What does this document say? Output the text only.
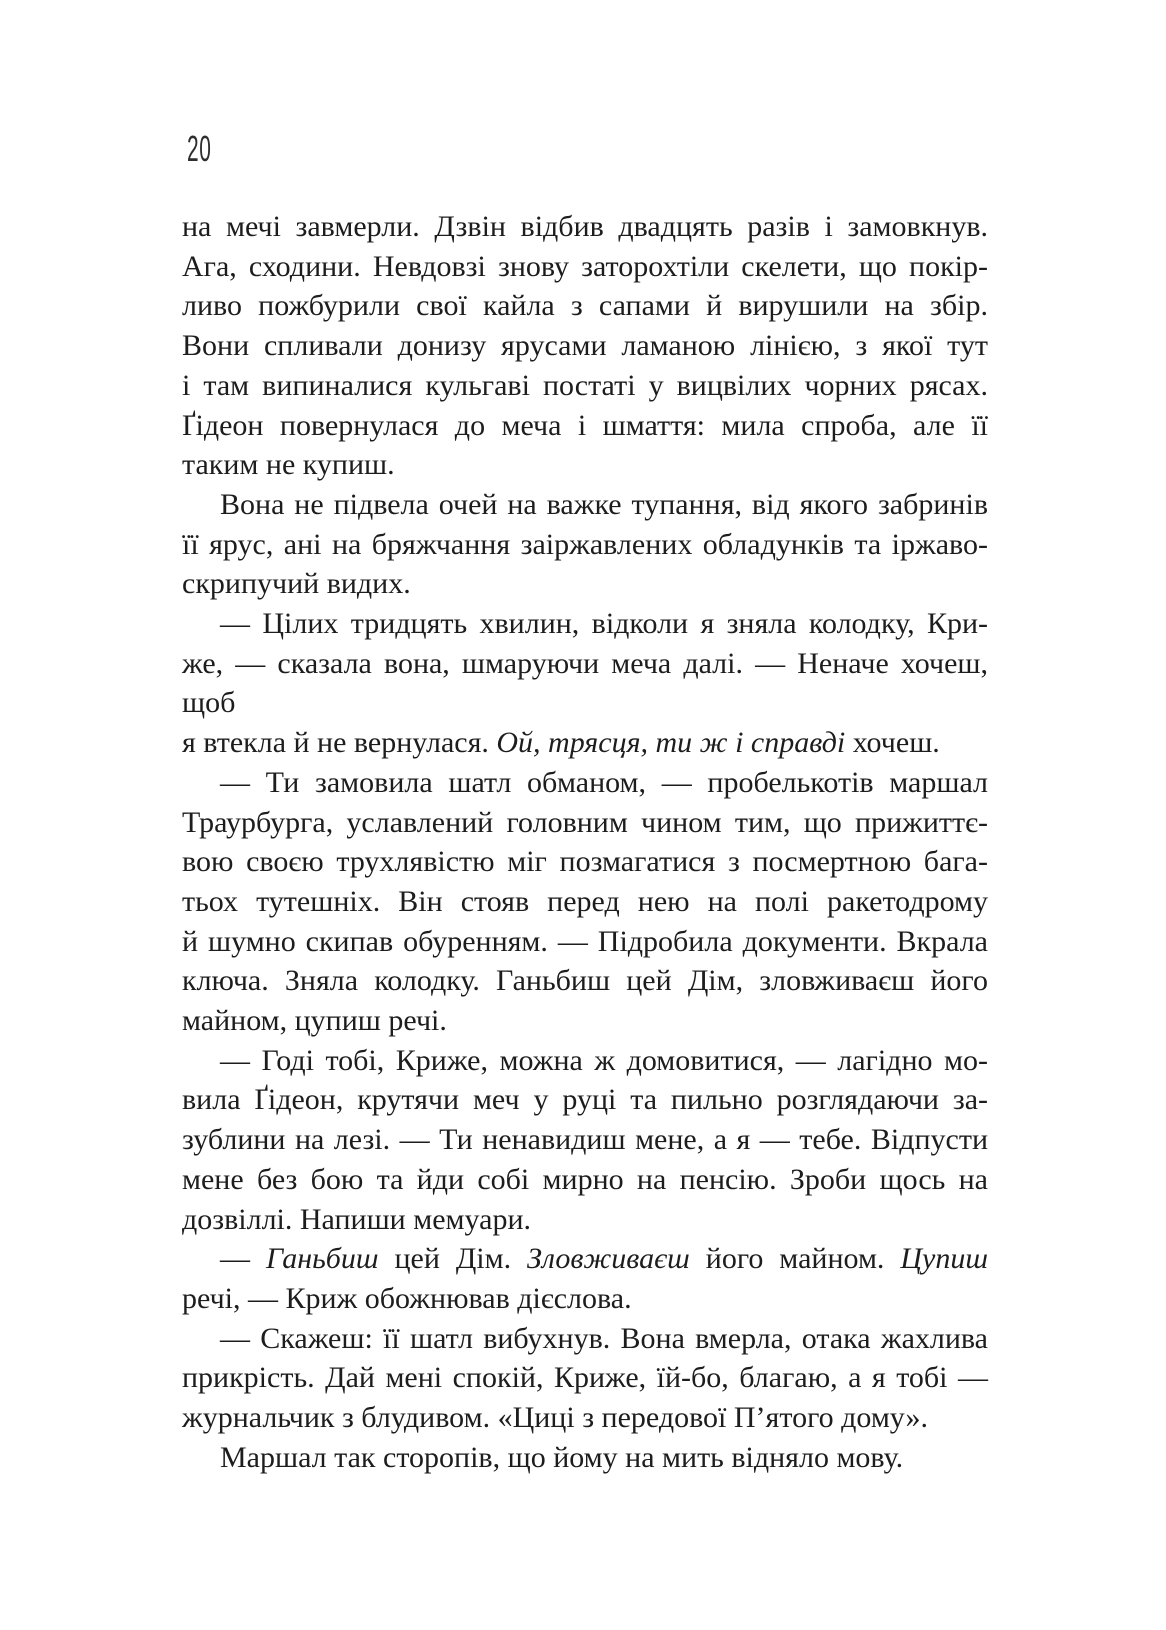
20
на мечі завмерли. Дзвін відбив двадцять разів і замовкнув.
Ага, сходини. Невдовзі знову заторохтіли скелети, що покір-
ливо пожбурили свої кайла з сапами й вирушили на збір.
Вони спливали донизу ярусами ламаною лінією, з якої тут
і там випиналися кульгаві постаті у вицвілих чорних рясах.
Ґідеон повернулася до меча і шмаття: мила спроба, але її
таким не купиш.
Вона не підвела очей на важке тупання, від якого забринів
її ярус, ані на бряжчання заіржавлених обладунків та іржаво-
скрипучий видих.
— Цілих тридцять хвилин, відколи я зняла колодку, Кри-
же, — сказала вона, шмаруючи меча далі. — Неначе хочеш, щоб
я втекла й не вернулася. Ой, трясця, ти ж і справді хочеш.
— Ти замовила шатл обманом, — пробелькотів маршал
Траурбурга, уславлений головним чином тим, що прижиттє-
вою своєю трухлявістю міг позмагатися з посмертною бага-
тьох тутешніх. Він стояв перед нею на полі ракетодрому
й шумно скипав обуренням. — Підробила документи. Вкрала
ключа. Зняла колодку. Ганьбиш цей Дім, зловживаєш його
майном, цупиш речі.
— Годі тобі, Криже, можна ж домовитися, — лагідно мо-
вила Ґідеон, крутячи меч у руці та пильно розглядаючи за-
зублини на лезі. — Ти ненавидиш мене, а я — тебе. Відпусти
мене без бою та йди собі мирно на пенсію. Зроби щось на
дозвіллі. Напиши мемуари.
— Ганьбиш цей Дім. Зловживаєш його майном. Цупиш
речі, — Криж обожнював дієслова.
— Скажеш: її шатл вибухнув. Вона вмерла, отака жахлива
прикрість. Дай мені спокій, Криже, їй-бо, благаю, а я тобі —
журнальчик з блудивом. «Циці з передової П’ятого дому».
Маршал так сторопів, що йому на мить відняло мову.
